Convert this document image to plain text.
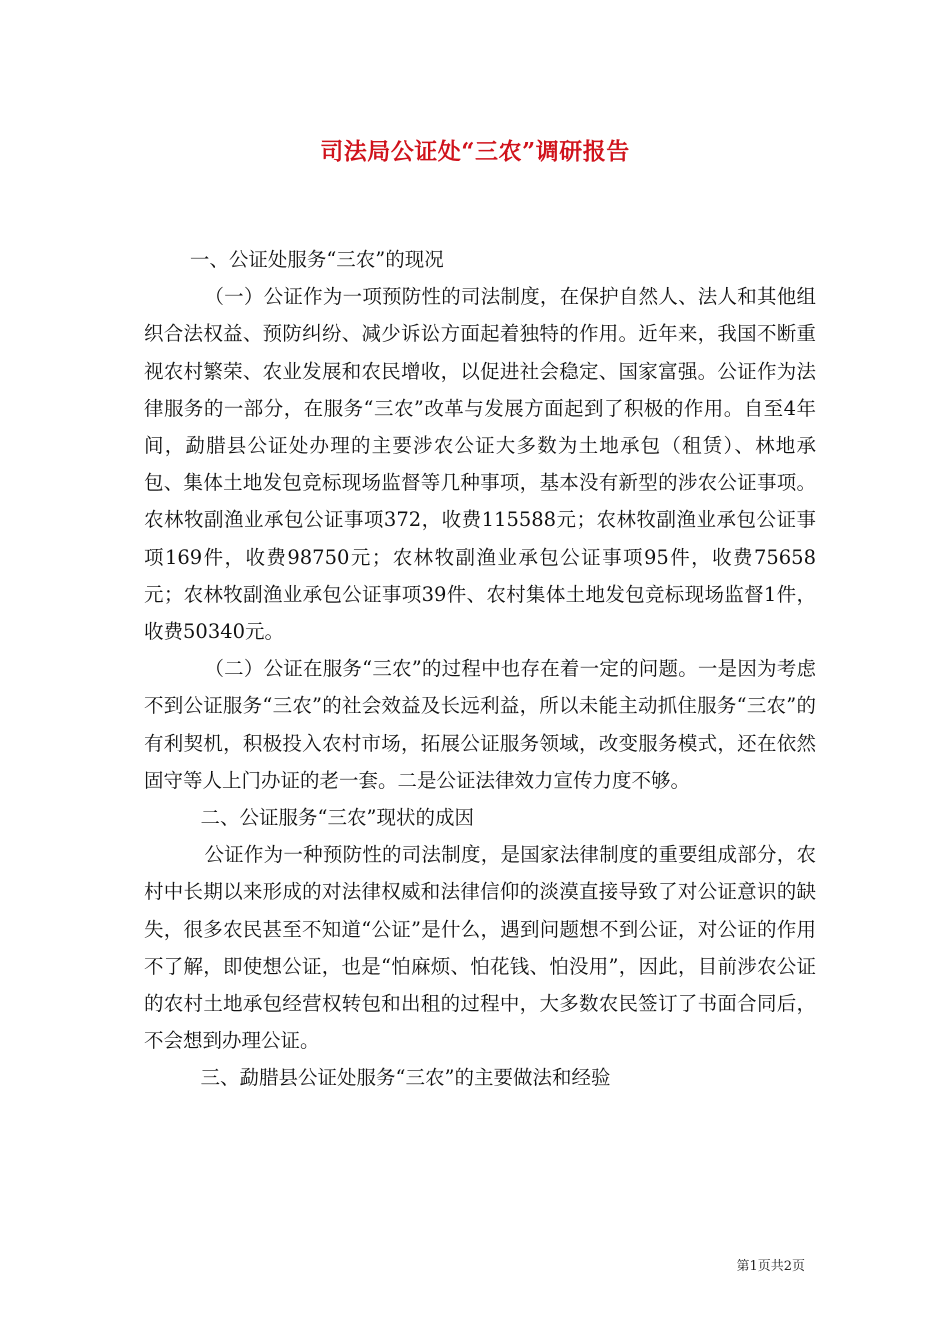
司法局公证处“三农”调研报告

一、公证处服务“三农”的现况

（一）公证作为一项预防性的司法制度，在保护自然人、法人和其他组织合法权益、预防纠纷、减少诉讼方面起着独特的作用。近年来，我国不断重视农村繁荣、农业发展和农民增收，以促进社会稳定、国家富强。公证作为法律服务的一部分，在服务“三农”改革与发展方面起到了积极的作用。自至4年间，勐腊县公证处办理的主要涉农公证大多数为土地承包（租赁）、林地承包、集体土地发包竞标现场监督等几种事项，基本没有新型的涉农公证事项。农林牧副渔业承包公证事项372，收费115588元；农林牧副渔业承包公证事项169件，收费98750元；农林牧副渔业承包公证事项95件，收费75658元；农林牧副渔业承包公证事项39件、农村集体土地发包竞标现场监督1件，收费50340元。

（二）公证在服务“三农”的过程中也存在着一定的问题。一是因为考虑不到公证服务“三农”的社会效益及长远利益，所以未能主动抓住服务“三农”的有利契机，积极投入农村市场，拓展公证服务领域，改变服务模式，还在依然固守等人上门办证的老一套。二是公证法律效力宣传力度不够。

二、公证服务“三农”现状的成因

公证作为一种预防性的司法制度，是国家法律制度的重要组成部分，农村中长期以来形成的对法律权威和法律信仰的淡漠直接导致了对公证意识的缺失，很多农民甚至不知道“公证”是什么，遇到问题想不到公证，对公证的作用不了解，即使想公证，也是“怕麻烦、怕花钱、怕没用”，因此，目前涉农公证的农村土地承包经营权转包和出租的过程中，大多数农民签订了书面合同后，不会想到办理公证。

三、勐腊县公证处服务“三农”的主要做法和经验

第1页共2页
